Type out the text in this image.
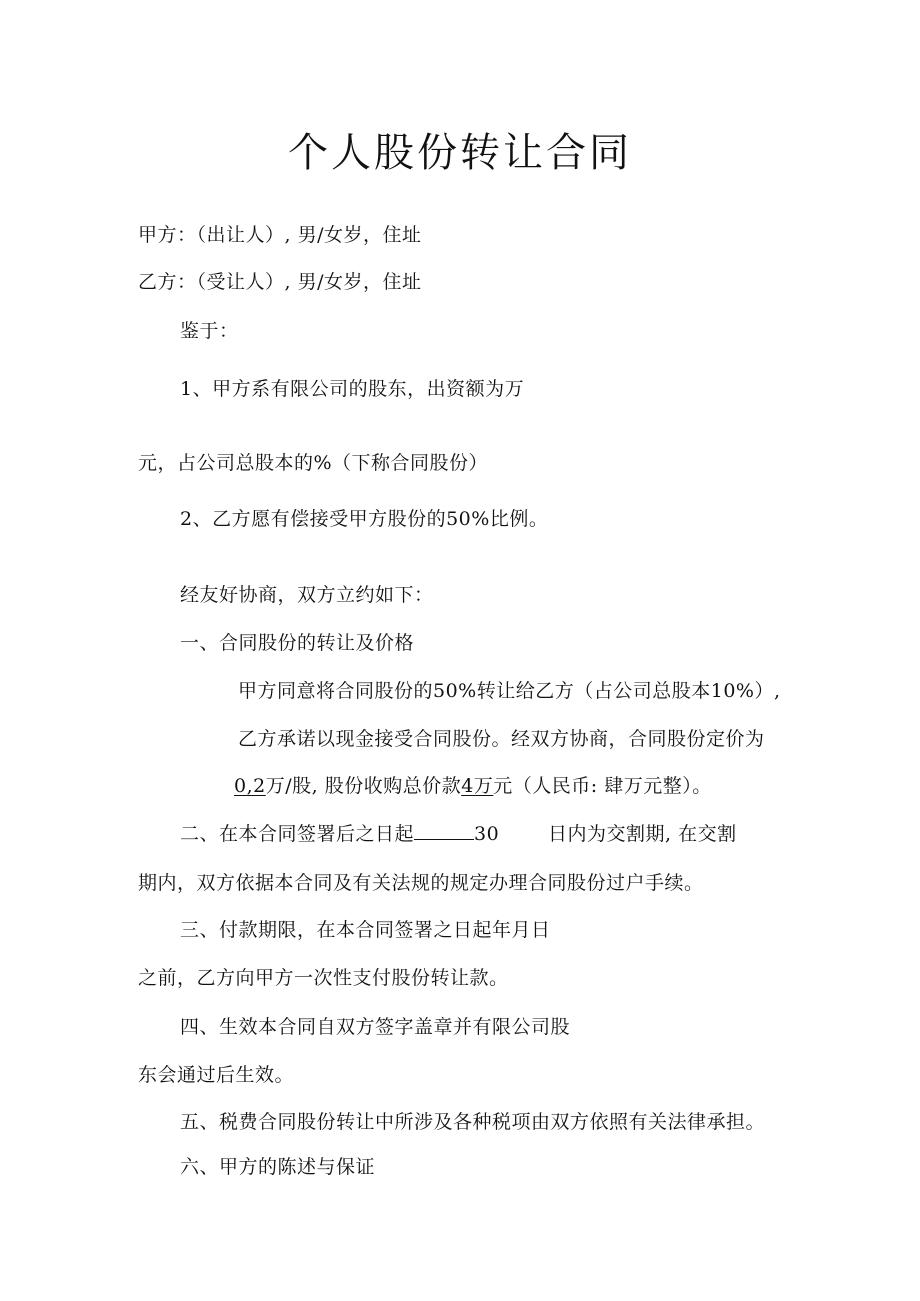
个人股份转让合同
甲方：（出让人）, 男/女岁，住址
乙方：（受让人）, 男/女岁，住址
鉴于：
1、甲方系有限公司的股东，出资额为万
元，占公司总股本的%（下称合同股份）
2、乙方愿有偿接受甲方股份的50%比例。
经友好协商，双方立约如下：
一、合同股份的转让及价格
甲方同意将合同股份的50%转让给乙方（占公司总股本10%）,
乙方承诺以现金接受合同股份。经双方协商，合同股份定价为
0,2万/股, 股份收购总价款4万元（人民币: 肆万元整）。
二、在本合同签署后之日起	30	日内为交割期, 在交割
期内，双方依据本合同及有关法规的规定办理合同股份过户手续。
三、付款期限，在本合同签署之日起年月日
之前，乙方向甲方一次性支付股份转让款。
四、生效本合同自双方签字盖章并有限公司股
东会通过后生效。
五、税费合同股份转让中所涉及各种税项由双方依照有关法律承担。
六、甲方的陈述与保证
